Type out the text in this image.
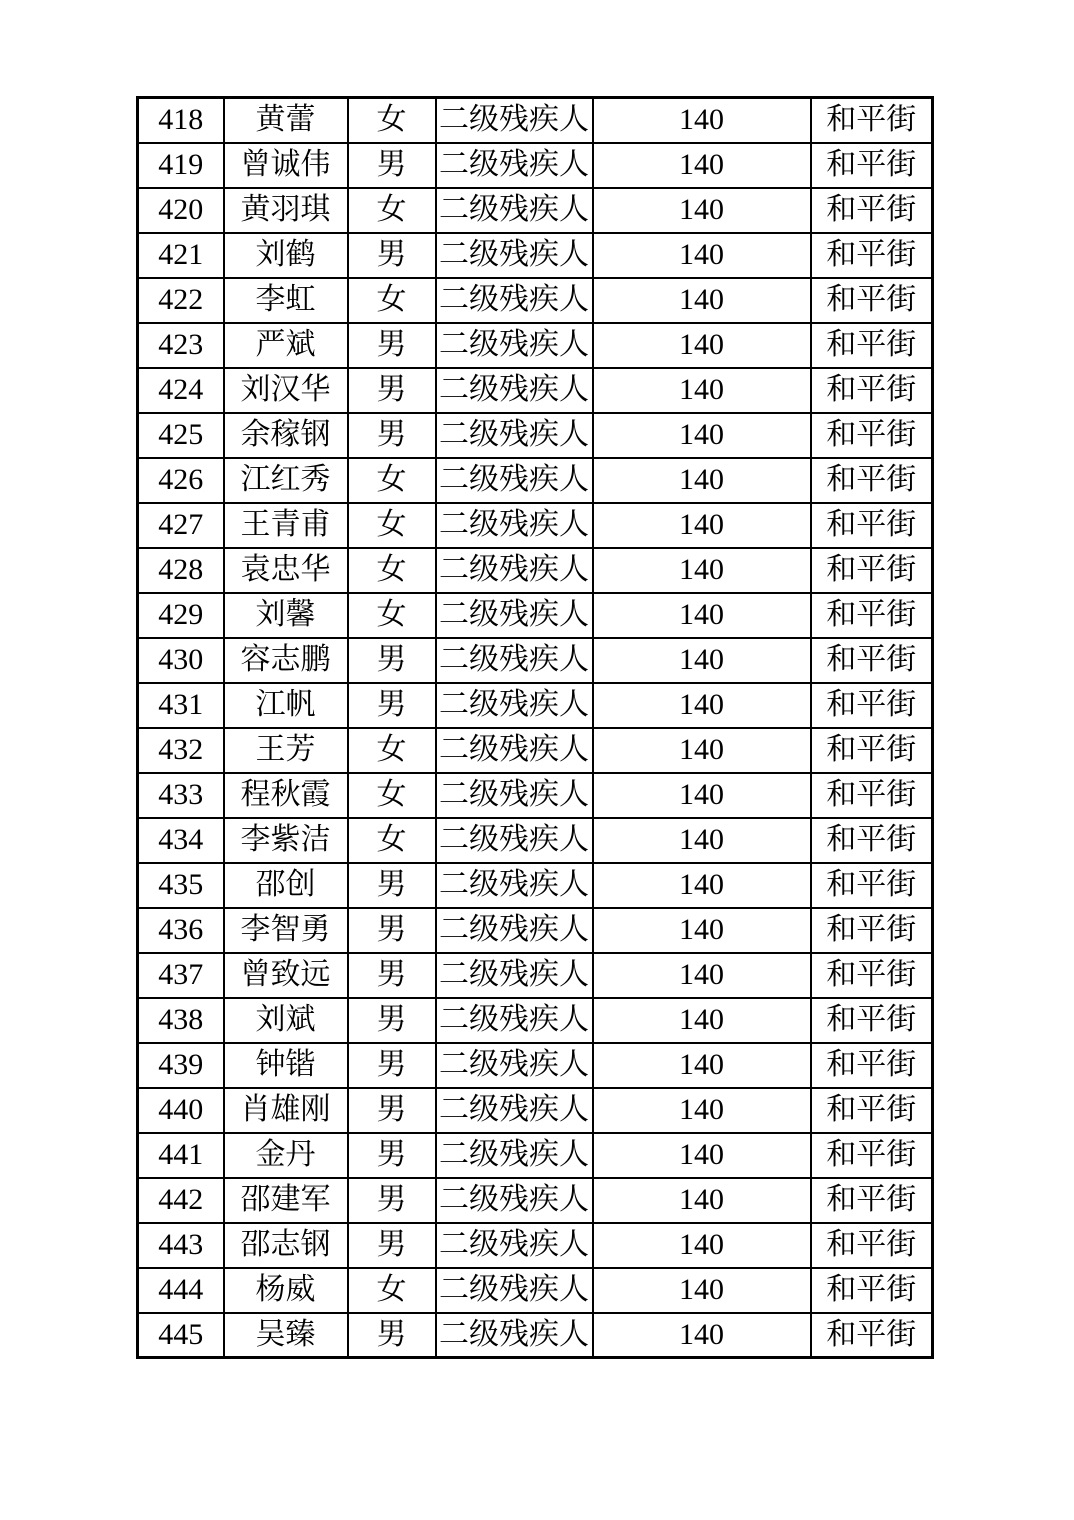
418	黄蕾	女	二级残疾人	140	和平街
419	曾诚伟	男	二级残疾人	140	和平街
420	黄羽琪	女	二级残疾人	140	和平街
421	刘鹤	男	二级残疾人	140	和平街
422	李虹	女	二级残疾人	140	和平街
423	严斌	男	二级残疾人	140	和平街
424	刘汉华	男	二级残疾人	140	和平街
425	余稼钢	男	二级残疾人	140	和平街
426	江红秀	女	二级残疾人	140	和平街
427	王青甫	女	二级残疾人	140	和平街
428	袁忠华	女	二级残疾人	140	和平街
429	刘馨	女	二级残疾人	140	和平街
430	容志鹏	男	二级残疾人	140	和平街
431	江帆	男	二级残疾人	140	和平街
432	王芳	女	二级残疾人	140	和平街
433	程秋霞	女	二级残疾人	140	和平街
434	李紫洁	女	二级残疾人	140	和平街
435	邵创	男	二级残疾人	140	和平街
436	李智勇	男	二级残疾人	140	和平街
437	曾致远	男	二级残疾人	140	和平街
438	刘斌	男	二级残疾人	140	和平街
439	钟锴	男	二级残疾人	140	和平街
440	肖雄刚	男	二级残疾人	140	和平街
441	金丹	男	二级残疾人	140	和平街
442	邵建军	男	二级残疾人	140	和平街
443	邵志钢	男	二级残疾人	140	和平街
444	杨威	女	二级残疾人	140	和平街
445	吴臻	男	二级残疾人	140	和平街
